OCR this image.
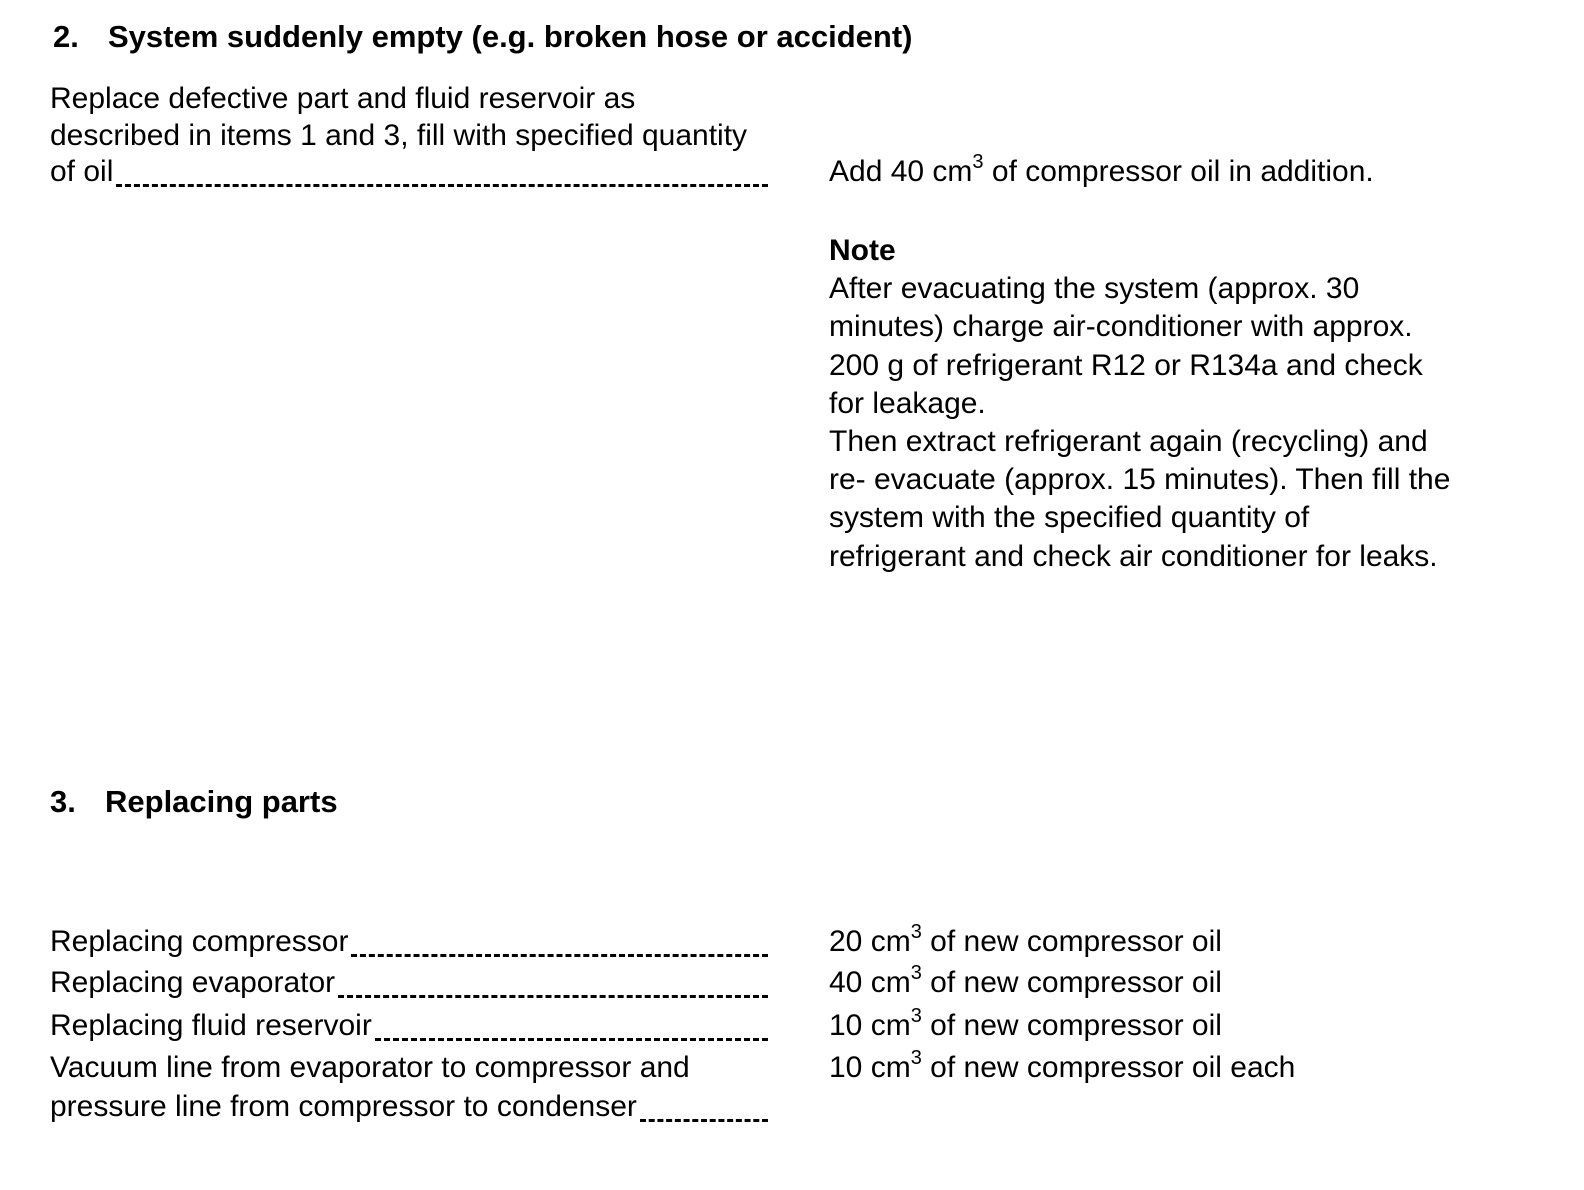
2. System suddenly empty (e.g. broken hose or accident)
Replace defective part and fluid reservoir as
described in items 1 and 3, fill with specified quantity
of oil	Add 40 $cm^3$ of compressor oil in addition.
Note
After evacuating the system (approx. 30
minutes) charge air-conditioner with approx.
200 g of refrigerant R12 or R134a and check
for leakage.
Then extract refrigerant again (recycling) and
re- evacuate (approx. 15 minutes). Then fill the
system with the specified quantity of
refrigerant and check air conditioner for leaks.
3. Replacing parts
Replacing compressor	20 $cm^3$ of new compressor oil
Replacing evaporator	40 $cm^3$ of new compressor oil
Replacing fluid reservoir	10 $cm^3$ of new compressor oil
Vacuum line from evaporator to compressor and	10 $cm^3$ of new compressor oil each
pressure line from compressor to condenser
